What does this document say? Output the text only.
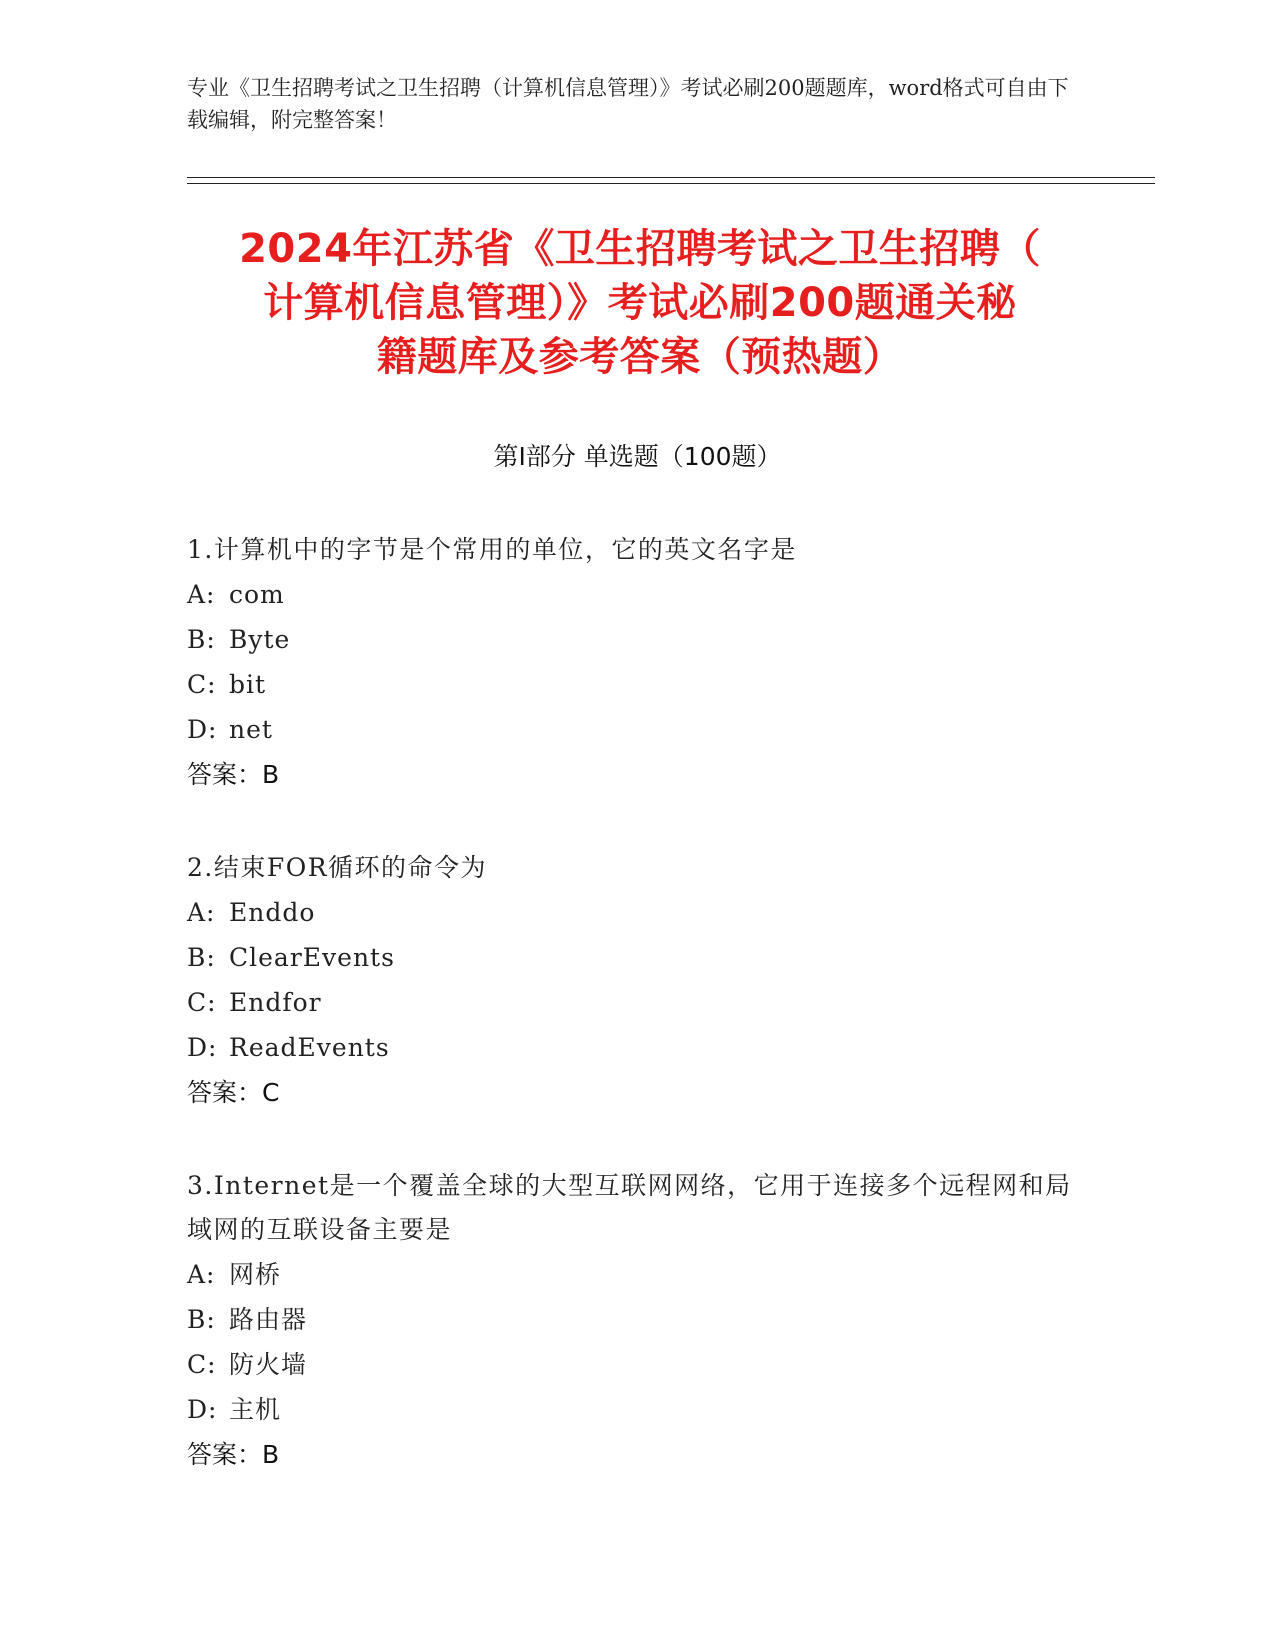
专业《卫生招聘考试之卫生招聘（计算机信息管理）》考试必刷200题题库，word格式可自由下载编辑，附完整答案！
2024年江苏省《卫生招聘考试之卫生招聘（
计算机信息管理）》考试必刷200题通关秘
籍题库及参考答案（预热题）
第Ⅰ部分 单选题（100题）

1.计算机中的字节是个常用的单位，它的英文名字是

A: com

B: Byte

C: bit

D: net

答案：B

2.结束FOR循环的命令为

A: Enddo

B: ClearEvents

C: Endfor

D: ReadEvents

答案：C

3.Internet是一个覆盖全球的大型互联网网络，它用于连接多个远程网和局域网的互联设备主要是

A: 网桥

B: 路由器

C: 防火墙

D: 主机

答案：B
